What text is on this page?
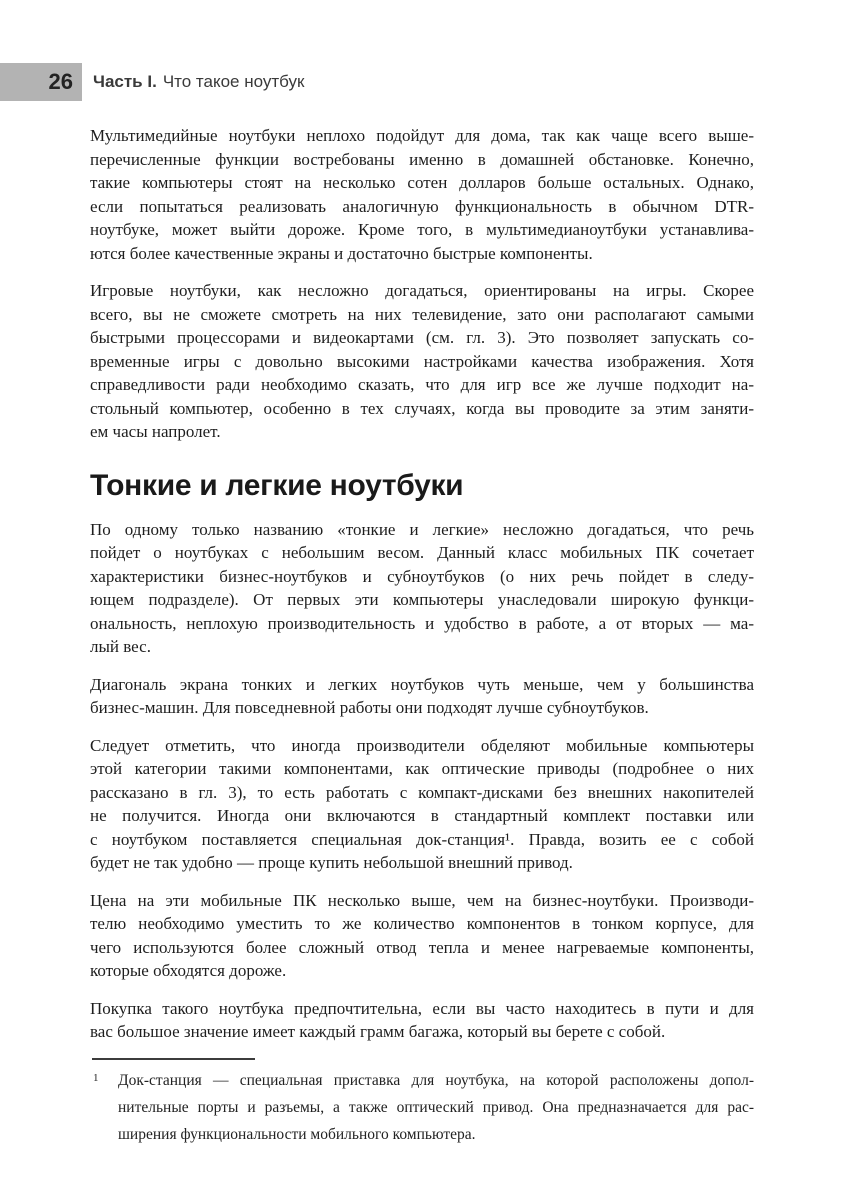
26 Часть I. Что такое ноутбук
Мультимедийные ноутбуки неплохо подойдут для дома, так как чаще всего выше-
перечисленные функции востребованы именно в домашней обстановке. Конечно,
такие компьютеры стоят на несколько сотен долларов больше остальных. Однако,
если попытаться реализовать аналогичную функциональность в обычном DTR-
ноутбуке, может выйти дороже. Кроме того, в мультимедианоутбуки устанавлива-
ются более качественные экраны и достаточно быстрые компоненты.
Игровые ноутбуки, как несложно догадаться, ориентированы на игры. Скорее
всего, вы не сможете смотреть на них телевидение, зато они располагают самыми
быстрыми процессорами и видеокартами (см. гл. 3). Это позволяет запускать со-
временные игры с довольно высокими настройками качества изображения. Хотя
справедливости ради необходимо сказать, что для игр все же лучше подходит на-
стольный компьютер, особенно в тех случаях, когда вы проводите за этим заняти-
ем часы напролет.
Тонкие и легкие ноутбуки
По одному только названию «тонкие и легкие» несложно догадаться, что речь
пойдет о ноутбуках с небольшим весом. Данный класс мобильных ПК сочетает
характеристики бизнес-ноутбуков и субноутбуков (о них речь пойдет в следу-
ющем подразделе). От первых эти компьютеры унаследовали широкую функци-
ональность, неплохую производительность и удобство в работе, а от вторых — ма-
лый вес.
Диагональ экрана тонких и легких ноутбуков чуть меньше, чем у большинства
бизнес-машин. Для повседневной работы они подходят лучше субноутбуков.
Следует отметить, что иногда производители обделяют мобильные компьютеры
этой категории такими компонентами, как оптические приводы (подробнее о них
рассказано в гл. 3), то есть работать с компакт-дисками без внешних накопителей
не получится. Иногда они включаются в стандартный комплект поставки или
с ноутбуком поставляется специальная док-станция¹. Правда, возить ее с собой
будет не так удобно — проще купить небольшой внешний привод.
Цена на эти мобильные ПК несколько выше, чем на бизнес-ноутбуки. Производи-
телю необходимо уместить то же количество компонентов в тонком корпусе, для
чего используются более сложный отвод тепла и менее нагреваемые компоненты,
которые обходятся дороже.
Покупка такого ноутбука предпочтительна, если вы часто находитесь в пути и для
вас большое значение имеет каждый грамм багажа, который вы берете с собой.
1 Док-станция — специальная приставка для ноутбука, на которой расположены допол-
нительные порты и разъемы, а также оптический привод. Она предназначается для рас-
ширения функциональности мобильного компьютера.
